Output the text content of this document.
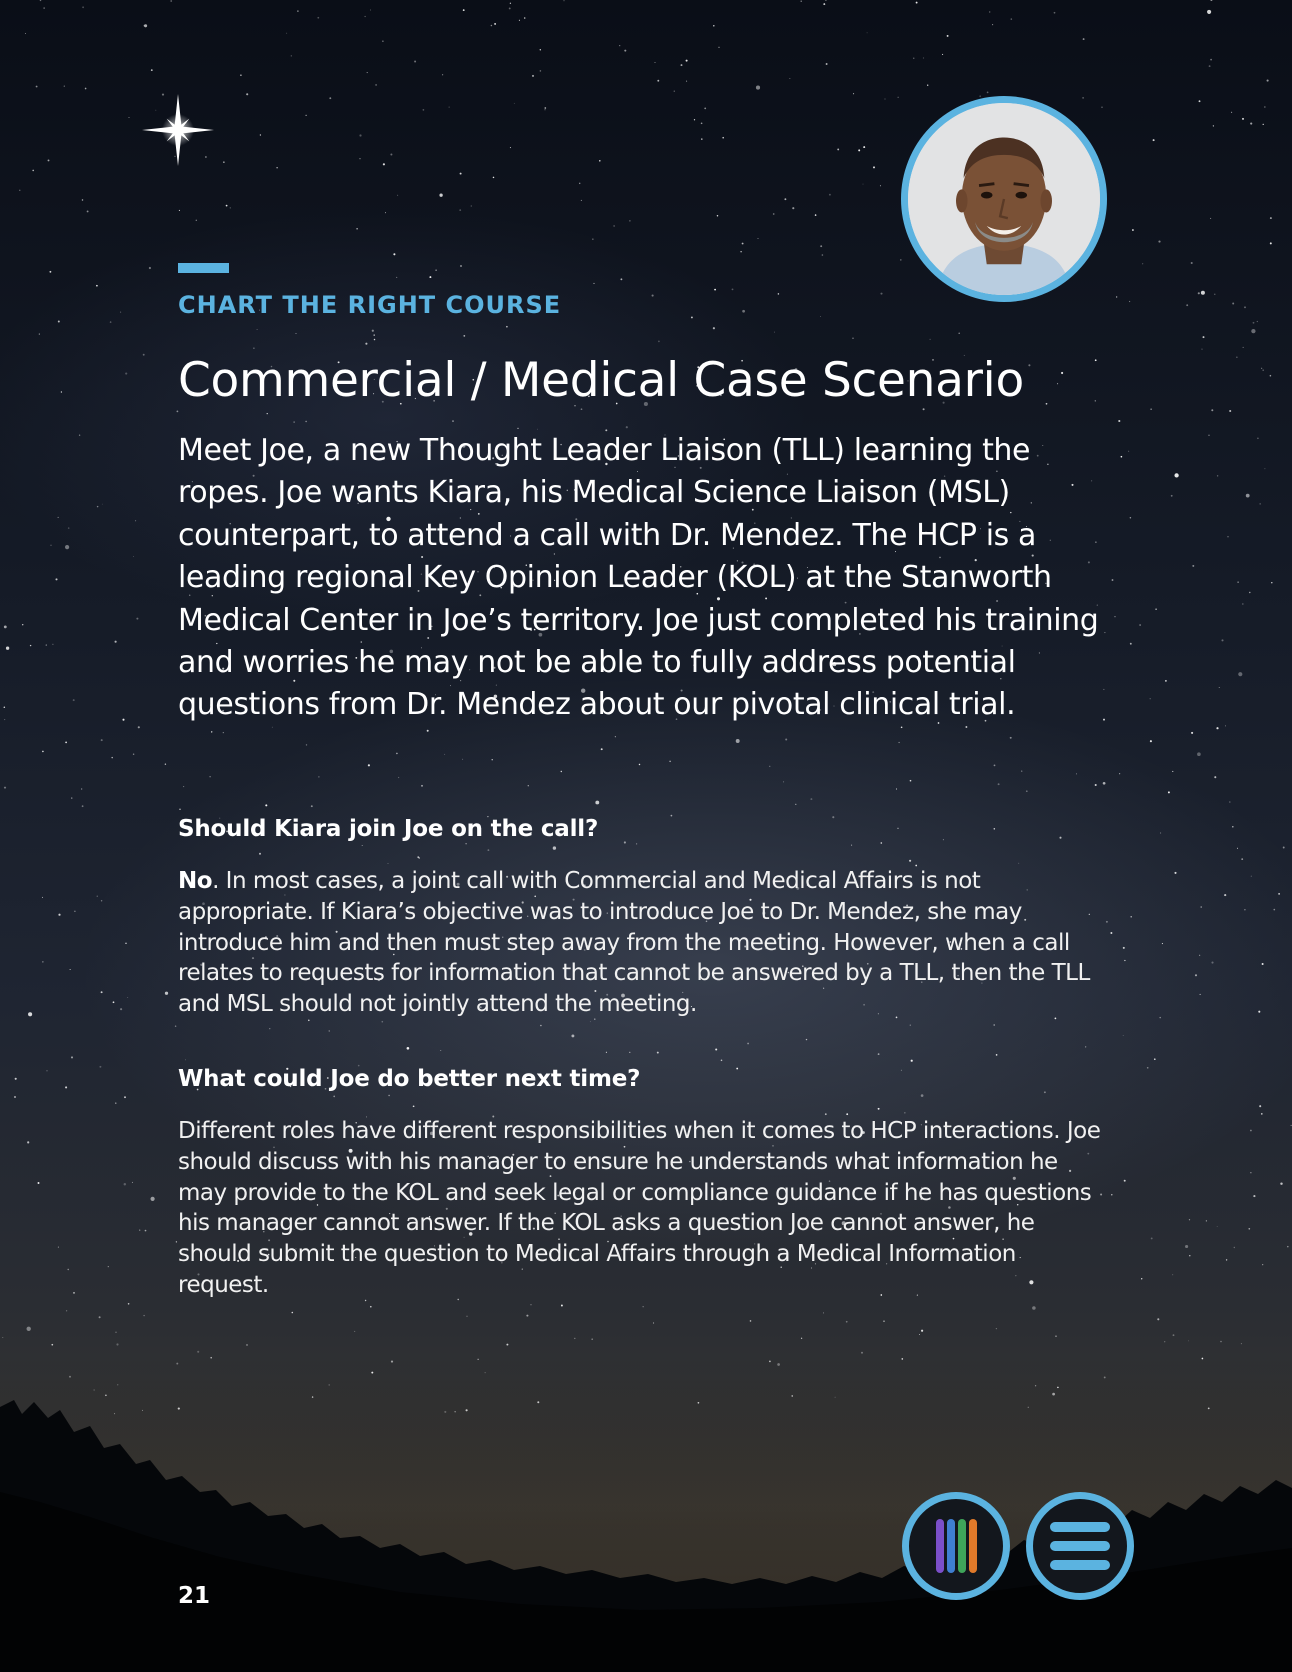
CHART THE RIGHT COURSE

Commercial / Medical Case Scenario

Meet Joe, a new Thought Leader Liaison (TLL) learning the ropes. Joe wants Kiara, his Medical Science Liaison (MSL) counterpart, to attend a call with Dr. Mendez. The HCP is a leading regional Key Opinion Leader (KOL) at the Stanworth Medical Center in Joe’s territory. Joe just completed his training and worries he may not be able to fully address potential questions from Dr. Mendez about our pivotal clinical trial.

Should Kiara join Joe on the call?

No. In most cases, a joint call with Commercial and Medical Affairs is not appropriate. If Kiara’s objective was to introduce Joe to Dr. Mendez, she may introduce him and then must step away from the meeting. However, when a call relates to requests for information that cannot be answered by a TLL, then the TLL and MSL should not jointly attend the meeting.

What could Joe do better next time?

Different roles have different responsibilities when it comes to HCP interactions. Joe should discuss with his manager to ensure he understands what information he may provide to the KOL and seek legal or compliance guidance if he has questions his manager cannot answer. If the KOL asks a question Joe cannot answer, he should submit the question to Medical Affairs through a Medical Information request.

21
